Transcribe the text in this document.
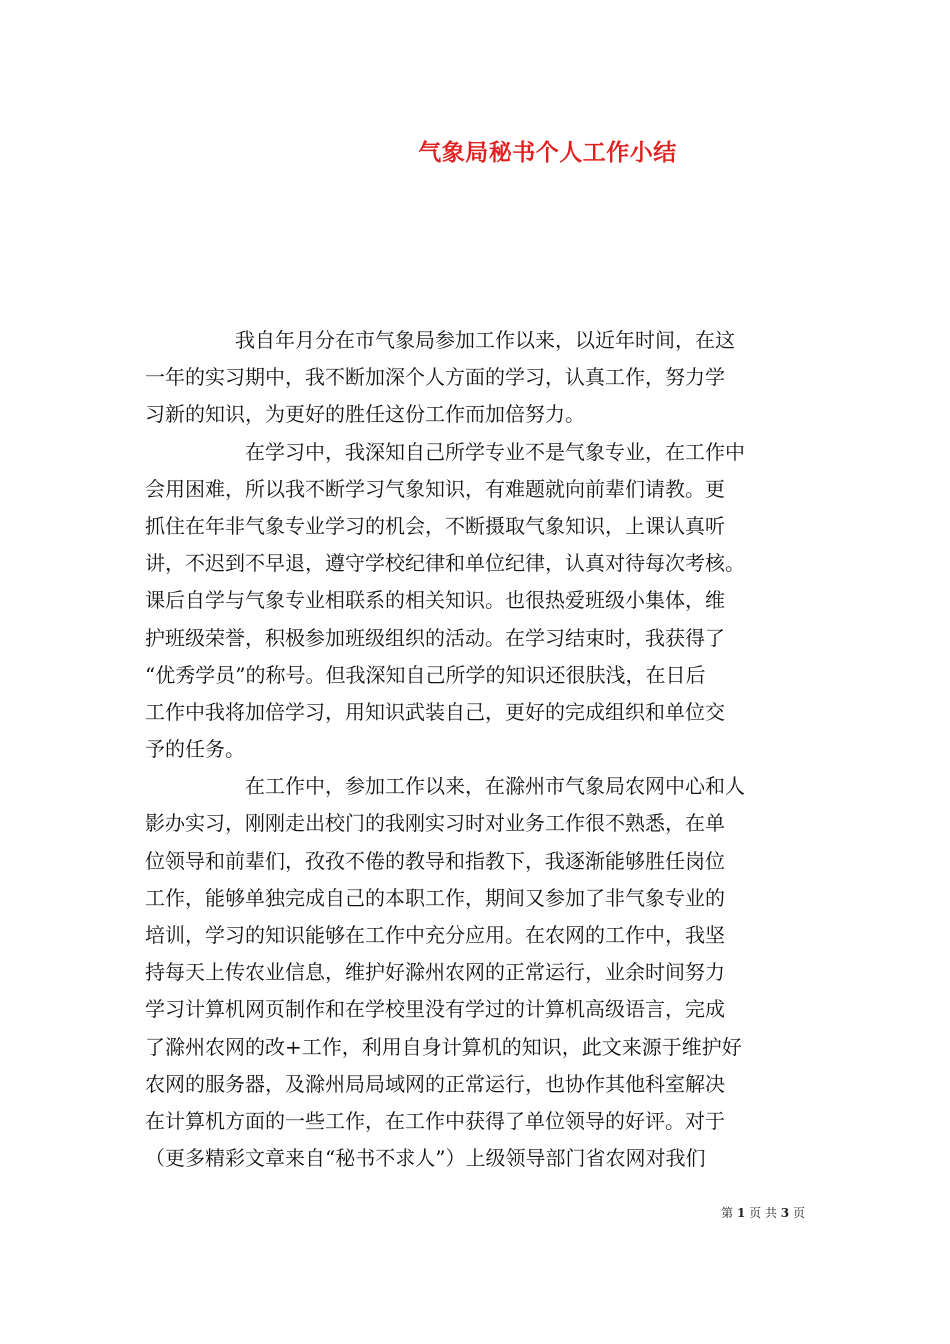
气象局秘书个人工作小结
我自年月分在市气象局参加工作以来，以近年时间，在这
一年的实习期中，我不断加深个人方面的学习，认真工作，努力学
习新的知识，为更好的胜任这份工作而加倍努力。
在学习中，我深知自己所学专业不是气象专业，在工作中
会用困难，所以我不断学习气象知识，有难题就向前辈们请教。更
抓住在年非气象专业学习的机会，不断摄取气象知识，上课认真听
讲，不迟到不早退，遵守学校纪律和单位纪律，认真对待每次考核。
课后自学与气象专业相联系的相关知识。也很热爱班级小集体，维
护班级荣誉，积极参加班级组织的活动。在学习结束时，我获得了
“优秀学员”的称号。但我深知自己所学的知识还很肤浅，在日后
工作中我将加倍学习，用知识武装自己，更好的完成组织和单位交
予的任务。
在工作中，参加工作以来，在滁州市气象局农网中心和人
影办实习，刚刚走出校门的我刚实习时对业务工作很不熟悉，在单
位领导和前辈们，孜孜不倦的教导和指教下，我逐渐能够胜任岗位
工作，能够单独完成自己的本职工作，期间又参加了非气象专业的
培训，学习的知识能够在工作中充分应用。在农网的工作中，我坚
持每天上传农业信息，维护好滁州农网的正常运行，业余时间努力
学习计算机网页制作和在学校里没有学过的计算机高级语言，完成
了滁州农网的改+工作，利用自身计算机的知识，此文来源于维护好
农网的服务器，及滁州局局域网的正常运行，也协作其他科室解决
在计算机方面的一些工作，在工作中获得了单位领导的好评。对于
（更多精彩文章来自“秘书不求人”）上级领导部门省农网对我们
第 1 页 共 3 页
